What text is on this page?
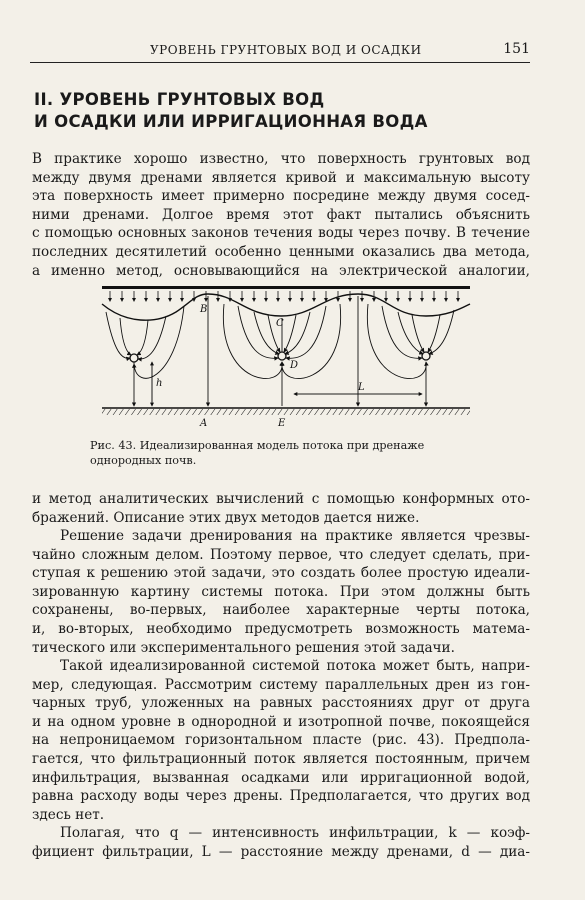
УРОВЕНЬ ГРУНТОВЫХ ВОД И ОСАДКИ	151
II. УРОВЕНЬ ГРУНТОВЫХ ВОД
И ОСАДКИ ИЛИ ИРРИГАЦИОННАЯ ВОДА
В практике хорошо известно, что поверхность грунтовых вод
между двумя дренами является кривой и максимальную высоту
эта поверхность имеет примерно посредине между двумя сосед-
ними дренами. Долгое время этот факт пытались объяснить
с помощью основных законов течения воды через почву. В течение
последних десятилетий особенно ценными оказались два метода,
а именно метод, основывающийся на электрической аналогии,
B
C
D
L
h
A	E
Рис. 43. Идеализированная модель потока при дренаже
однородных почв.
и метод аналитических вычислений с помощью конформных ото-
бражений. Описание этих двух методов дается ниже.
Решение задачи дренирования на практике является чрезвы-
чайно сложным делом. Поэтому первое, что следует сделать, при-
ступая к решению этой задачи, это создать более простую идеали-
зированную картину системы потока. При этом должны быть
сохранены, во-первых, наиболее характерные черты потока,
и, во-вторых, необходимо предусмотреть возможность матема-
тического или экспериментального решения этой задачи.
Такой идеализированной системой потока может быть, напри-
мер, следующая. Рассмотрим систему параллельных дрен из гон-
чарных труб, уложенных на равных расстояниях друг от друга
и на одном уровне в однородной и изотропной почве, покоящейся
на непроницаемом горизонтальном пласте (рис. 43). Предпола-
гается, что фильтрационный поток является постоянным, причем
инфильтрация, вызванная осадками или ирригационной водой,
равна расходу воды через дрены. Предполагается, что других вод
здесь нет.
Полагая, что q — интенсивность инфильтрации, k — коэф-
фициент фильтрации, L — расстояние между дренами, d — диа-
